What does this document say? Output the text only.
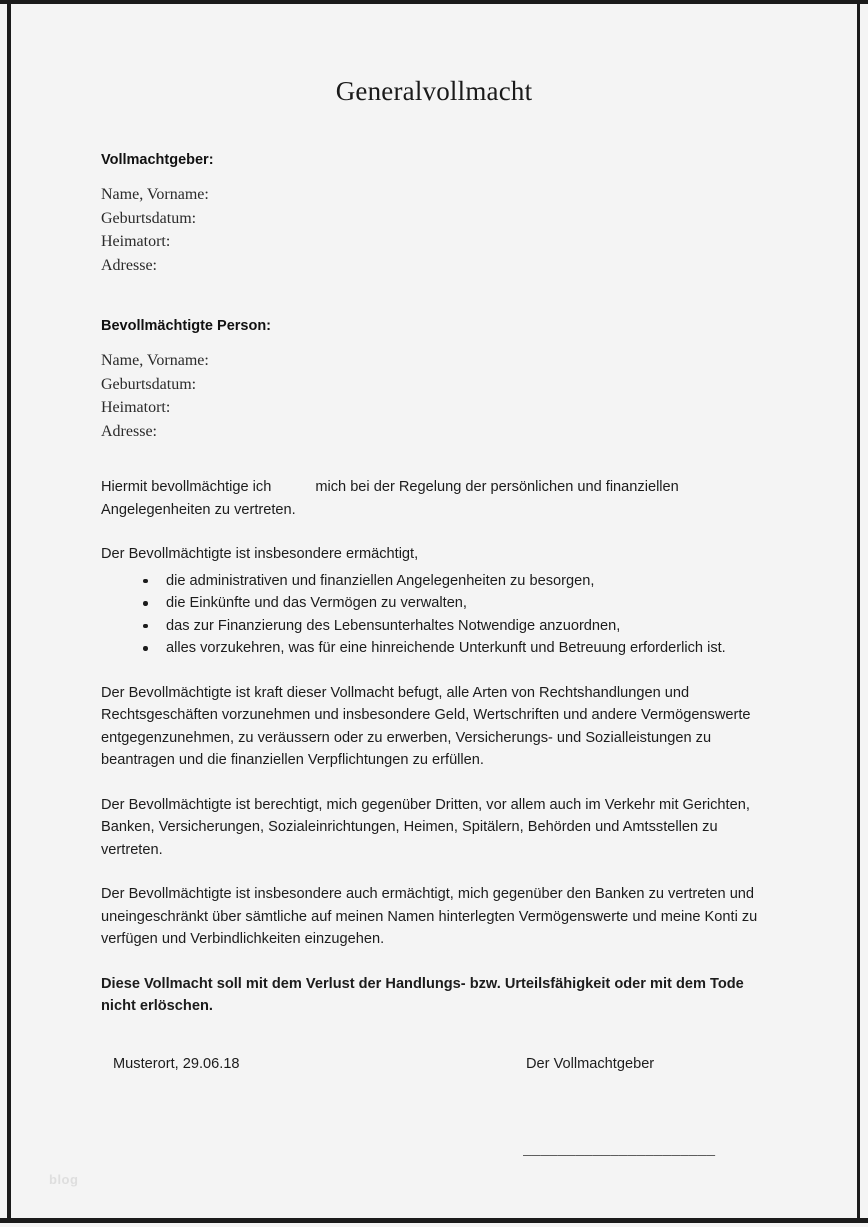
Generalvollmacht
Vollmachtgeber:
Name, Vorname:
Geburtsdatum:
Heimatort:
Adresse:
Bevollmächtigte Person:
Name, Vorname:
Geburtsdatum:
Heimatort:
Adresse:

Hiermit bevollmächtige ich	mich bei der Regelung der persönlichen und finanziellen Angelegenheiten zu vertreten.

Der Bevollmächtigte ist insbesondere ermächtigt,

die administrativen und finanziellen Angelegenheiten zu besorgen,
die Einkünfte und das Vermögen zu verwalten,
das zur Finanzierung des Lebensunterhaltes Notwendige anzuordnen,
alles vorzukehren, was für eine hinreichende Unterkunft und Betreuung erforderlich ist.

Der Bevollmächtigte ist kraft dieser Vollmacht befugt, alle Arten von Rechtshandlungen und Rechtsgeschäften vorzunehmen und insbesondere Geld, Wertschriften und andere Vermögenswerte entgegenzunehmen, zu veräussern oder zu erwerben, Versicherungs- und Sozialleistungen zu beantragen und die finanziellen Verpflichtungen zu erfüllen.

Der Bevollmächtigte ist berechtigt, mich gegenüber Dritten, vor allem auch im Verkehr mit Gerichten, Banken, Versicherungen, Sozialeinrichtungen, Heimen, Spitälern, Behörden und Amtsstellen zu vertreten.

Der Bevollmächtigte ist insbesondere auch ermächtigt, mich gegenüber den Banken zu vertreten und uneingeschränkt über sämtliche auf meinen Namen hinterlegten Vermögenswerte und meine Konti zu verfügen und Verbindlichkeiten einzugehen.

Diese Vollmacht soll mit dem Verlust der Handlungs- bzw. Urteilsfähigkeit oder mit dem Tode nicht erlöschen.

Musterort, 29.06.18	Der Vollmachtgeber
______________________
blog
